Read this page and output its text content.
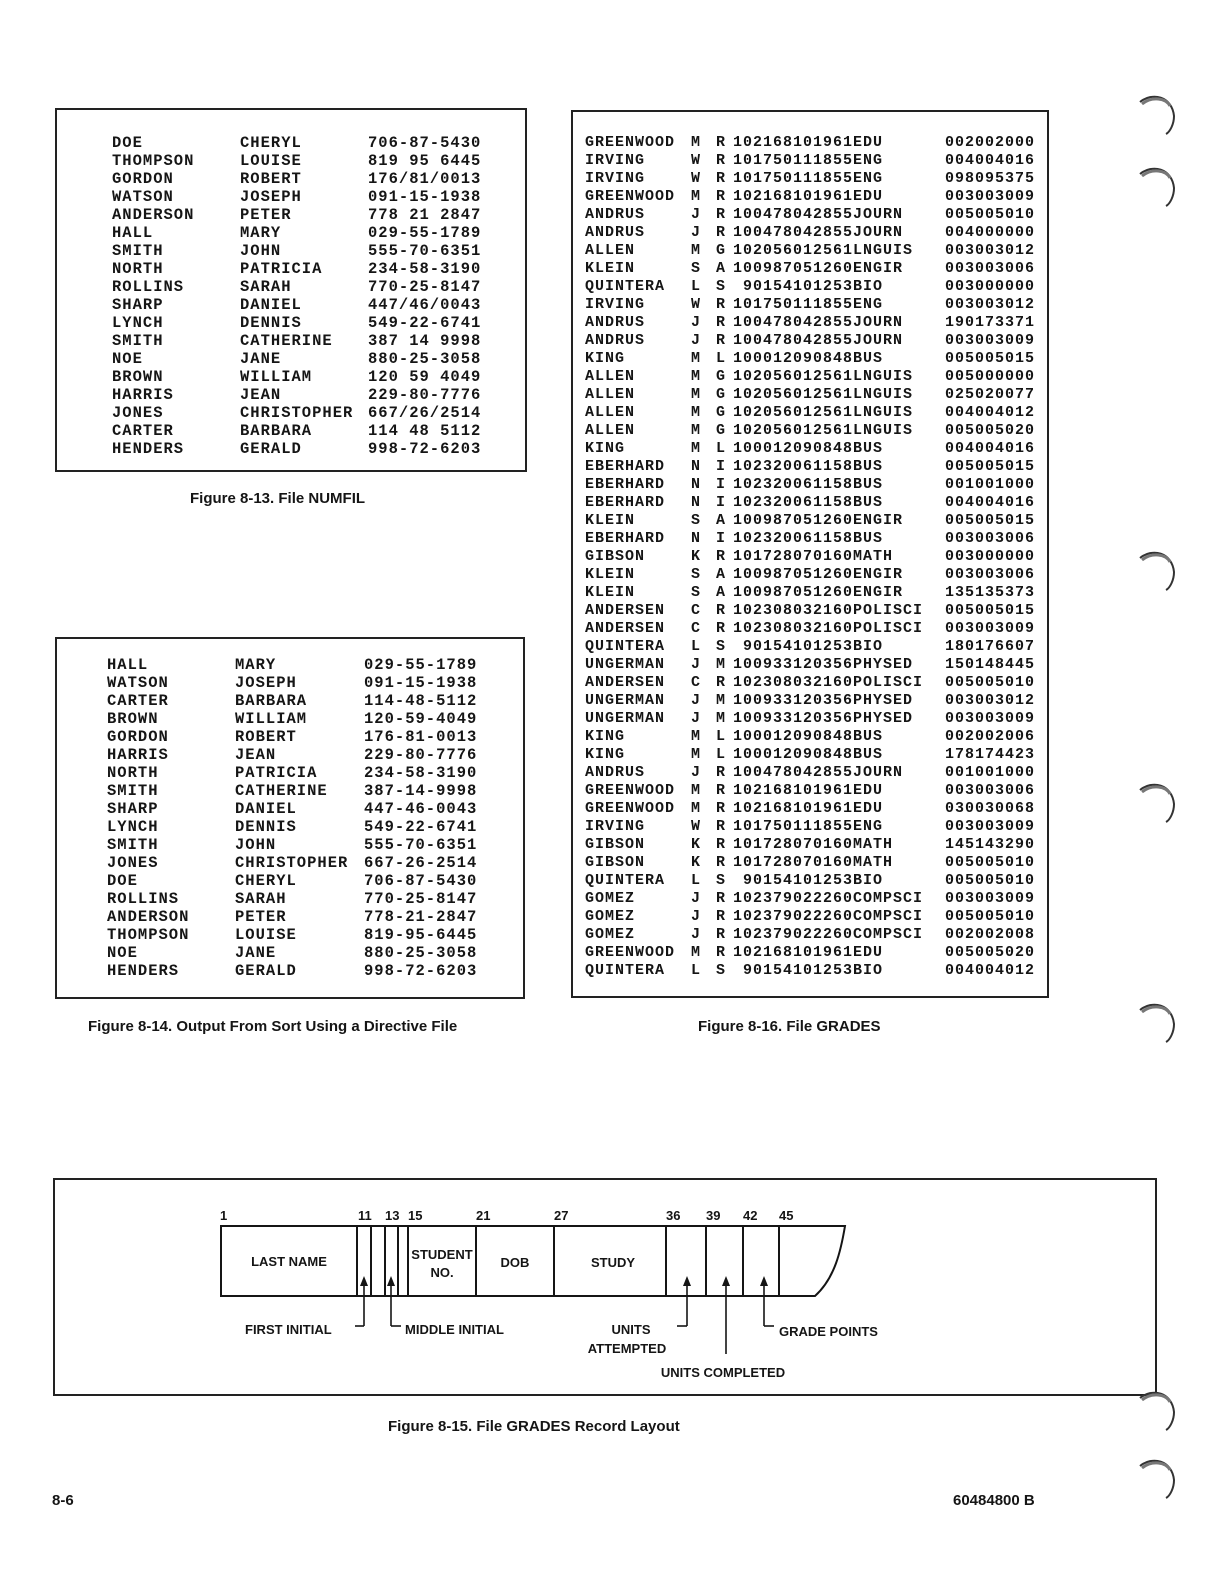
DOE	CHERYL	706-87-5430
THOMPSON	LOUISE	819 95 6445
GORDON	ROBERT	176/81/0013
WATSON	JOSEPH	091-15-1938
ANDERSON	PETER	778 21 2847
HALL	MARY	029-55-1789
SMITH	JOHN	555-70-6351
NORTH	PATRICIA	234-58-3190
ROLLINS	SARAH	770-25-8147
SHARP	DANIEL	447/46/0043
LYNCH	DENNIS	549-22-6741
SMITH	CATHERINE 387 14 9998
NOE	JANE	880-25-3058
BROWN	WILLIAM	120 59 4049
HARRIS	JEAN	229-80-7776
JONES	CHRISTOPHER 667/26/2514
CARTER	BARBARA	114 48 5112
HENDERS	GERALD	998-72-6203
Figure 8-13. File NUMFIL
HALL	MARY	029-55-1789
WATSON	JOSEPH	091-15-1938
CARTER	BARBARA	114-48-5112
BROWN	WILLIAM	120-59-4049
GORDON	ROBERT	176-81-0013
HARRIS	JEAN	229-80-7776
NORTH	PATRICIA	234-58-3190
SMITH	CATHERINE 387-14-9998
SHARP	DANIEL	447-46-0043
LYNCH	DENNIS	549-22-6741
SMITH	JOHN	555-70-6351
JONES	CHRISTOPHER 667-26-2514
DOE	CHERYL	706-87-5430
ROLLINS	SARAH	770-25-8147
ANDERSON	PETER	778-21-2847
THOMPSON	LOUISE	819-95-6445
NOE	JANE	880-25-3058
HENDERS	GERALD	998-72-6203
Figure 8-14. Output From Sort Using a Directive File
GREENWOOD M R 102168101961EDU	002002000
IRVING	W R 101750111855ENG	004004016
IRVING	W R 101750111855ENG	098095375
GREENWOOD M R 102168101961EDU	003003009
ANDRUS	J R 100478042855JOURN	005005010
ANDRUS	J R 100478042855JOURN	004000000
ALLEN	M G 102056012561LNGUIS 003003012
KLEIN	S A 100987051260ENGIR	003003006
QUINTERA L S 90154101253BIO	003000000
IRVING	W R 101750111855ENG	003003012
ANDRUS	J R 100478042855JOURN	190173371
ANDRUS	J R 100478042855JOURN	003003009
KING	M L 100012090848BUS	005005015
ALLEN	M G 102056012561LNGUIS 005000000
ALLEN	M G 102056012561LNGUIS 025020077
ALLEN	M G 102056012561LNGUIS 004004012
ALLEN	M G 102056012561LNGUIS 005005020
KING	M L 100012090848BUS	004004016
EBERHARD N I 102320061158BUS	005005015
EBERHARD N I 102320061158BUS	001001000
EBERHARD N I 102320061158BUS	004004016
KLEIN	S A 100987051260ENGIR	005005015
EBERHARD N I 102320061158BUS	003003006
GIBSON	K R 101728070160MATH	003000000
KLEIN	S A 100987051260ENGIR	003003006
KLEIN	S A 100987051260ENGIR	135135373
ANDERSEN C R 102308032160POLISCI 005005015
ANDERSEN C R 102308032160POLISCI 003003009
QUINTERA L S 90154101253BIO	180176607
UNGERMAN J M 100933120356PHYSED 150148445
ANDERSEN C R 102308032160POLISCI 005005010
UNGERMAN J M 100933120356PHYSED 003003012
UNGERMAN J M 100933120356PHYSED 003003009
KING	M L 100012090848BUS	002002006
KING	M L 100012090848BUS	178174423
ANDRUS	J R 100478042855JOURN	001001000
GREENWOOD M R 102168101961EDU	003003006
GREENWOOD M R 102168101961EDU	030030068
IRVING	W R 101750111855ENG	003003009
GIBSON	K R 101728070160MATH	145143290
GIBSON	K R 101728070160MATH	005005010
QUINTERA L S 90154101253BIO	005005010
GOMEZ	J R 102379022260COMPSCI 003003009
GOMEZ	J R 102379022260COMPSCI 005005010
GOMEZ	J R 102379022260COMPSCI 002002008
GREENWOOD M R 102168101961EDU	005005020
QUINTERA L S 90154101253BIO	004004012
Figure 8-16. File GRADES
1	11 13 15	21	27	36 39 42 45
LAST NAME	STUDENT
NO.
DOB	STUDY
FIRST INITIAL	MIDDLE INITIAL	UNITS
ATTEMPTED
GRADE POINTS
UNITS COMPLETED
Figure 8-15. File GRADES Record Layout
8-6	60484800 B
